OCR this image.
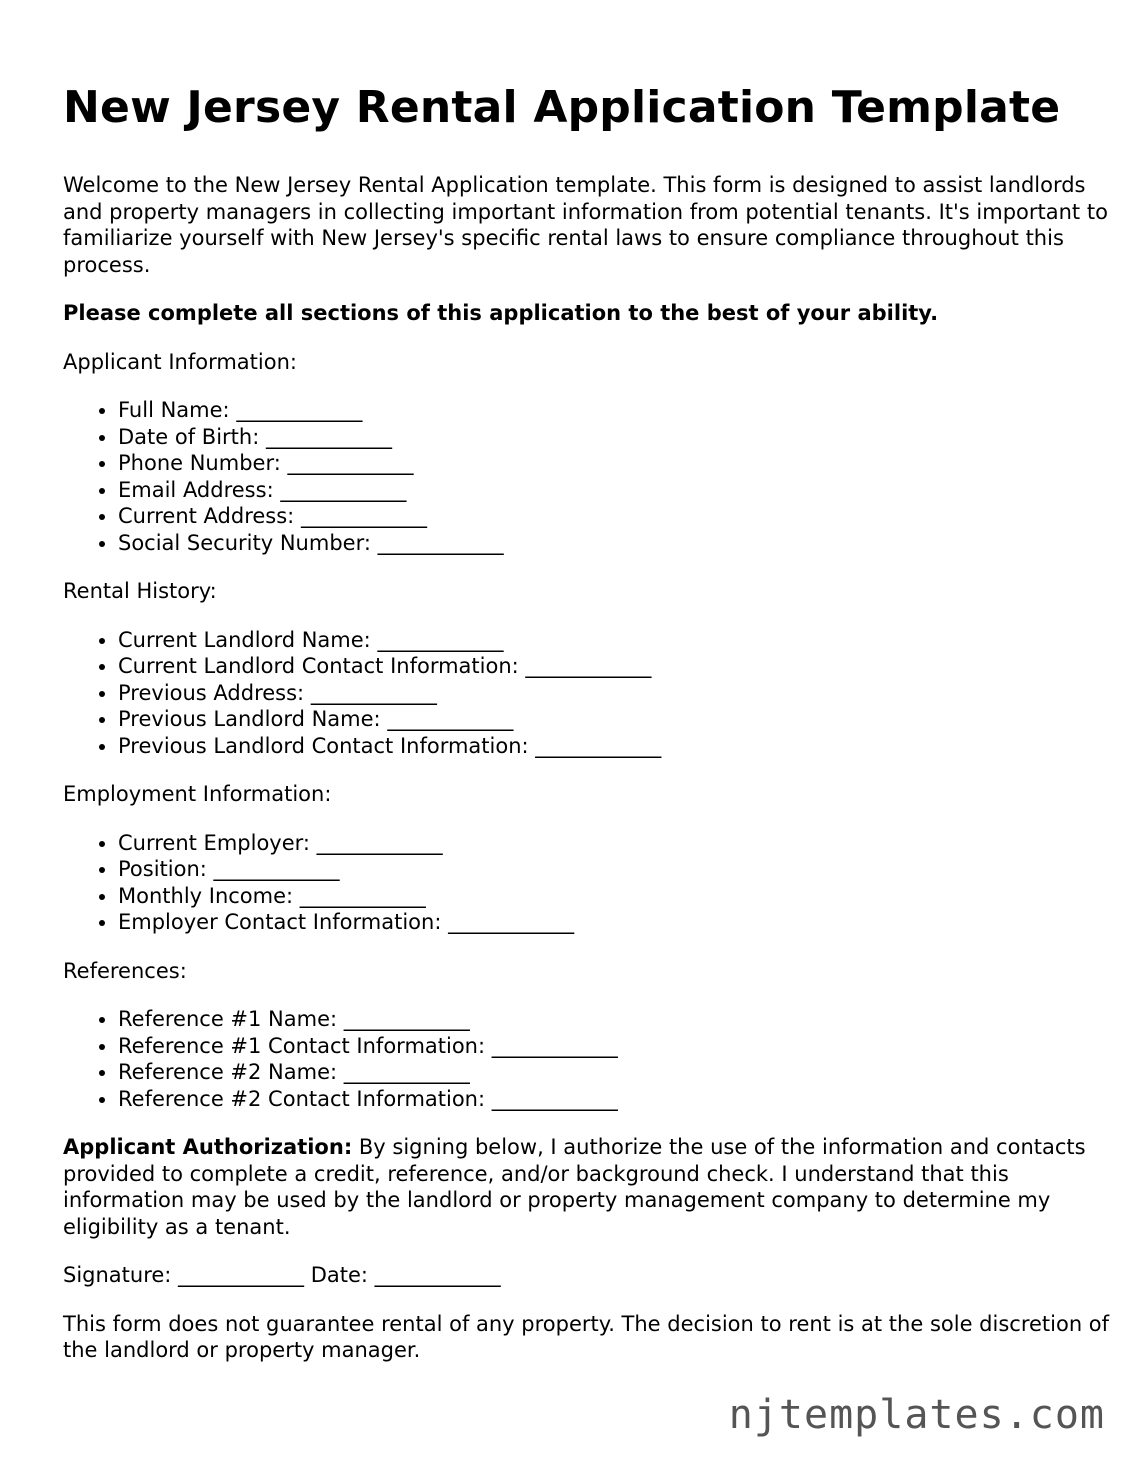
New Jersey Rental Application Template

Welcome to the New Jersey Rental Application template. This form is designed to assist landlords and property managers in collecting important information from potential tenants. It's important to familiarize yourself with New Jersey's specific rental laws to ensure compliance throughout this process.

Please complete all sections of this application to the best of your ability.

Applicant Information:

• Full Name: ____________
• Date of Birth: ____________
• Phone Number: ____________
• Email Address: ____________
• Current Address: ____________
• Social Security Number: ____________

Rental History:

• Current Landlord Name: ____________
• Current Landlord Contact Information: ____________
• Previous Address: ____________
• Previous Landlord Name: ____________
• Previous Landlord Contact Information: ____________

Employment Information:

• Current Employer: ____________
• Position: ____________
• Monthly Income: ____________
• Employer Contact Information: ____________

References:

• Reference #1 Name: ____________
• Reference #1 Contact Information: ____________
• Reference #2 Name: ____________
• Reference #2 Contact Information: ____________

Applicant Authorization: By signing below, I authorize the use of the information and contacts provided to complete a credit, reference, and/or background check. I understand that this information may be used by the landlord or property management company to determine my eligibility as a tenant.

Signature: ____________ Date: ____________

This form does not guarantee rental of any property. The decision to rent is at the sole discretion of the landlord or property manager.

njtemplates.com
